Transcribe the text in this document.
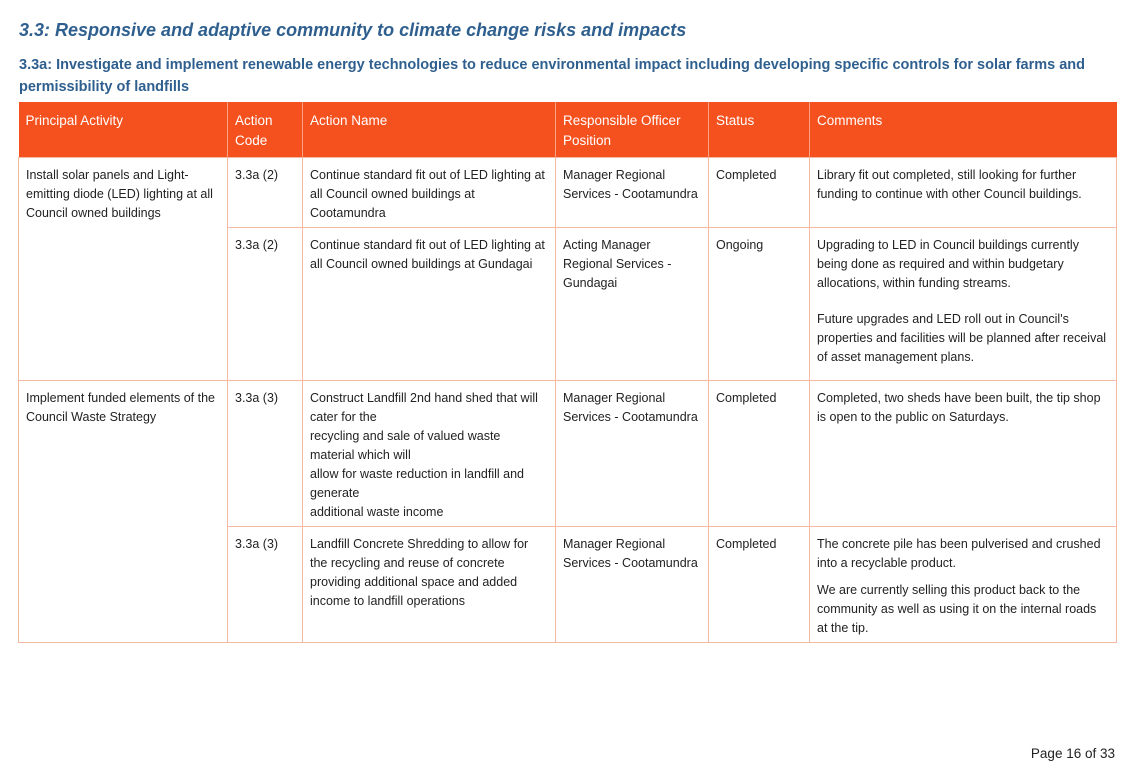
3.3: Responsive and adaptive community to climate change risks and impacts
3.3a: Investigate and implement renewable energy technologies to reduce environmental impact including developing specific controls for solar farms and permissibility of landfills
Principal Activity	Action Code	Action Name	Responsible Officer Position	Status	Comments
Install solar panels and Light-emitting diode (LED) lighting at all Council owned buildings	3.3a (2)	Continue standard fit out of LED lighting at all Council owned buildings at Cootamundra	Manager Regional Services - Cootamundra	Completed	Library fit out completed, still looking for further funding to continue with other Council buildings.

	3.3a (2)	Continue standard fit out of LED lighting at all Council owned buildings at Gundagai	Acting Manager Regional Services - Gundagai	Ongoing	Upgrading to LED in Council buildings currently being done as required and within budgetary allocations, within funding streams.

Future upgrades and LED roll out in Council's properties and facilities will be planned after receival of asset management plans.

Implement funded elements of the Council Waste Strategy	3.3a (3)	Construct Landfill 2nd hand shed that will cater for the

recycling and sale of valued waste material which will

allow for waste reduction in landfill and generate

additional waste income	Manager Regional Services - Cootamundra	Completed	Completed, two sheds have been built, the tip shop is open to the public on Saturdays.

	3.3a (3)	Landfill Concrete Shredding to allow for the recycling and reuse of concrete providing additional space and added income to landfill operations	Manager Regional Services - Cootamundra	Completed	The concrete pile has been pulverised and crushed into a recyclable product.

We are currently selling this product back to the community as well as using it on the internal roads at the tip.

Page 16 of 33
